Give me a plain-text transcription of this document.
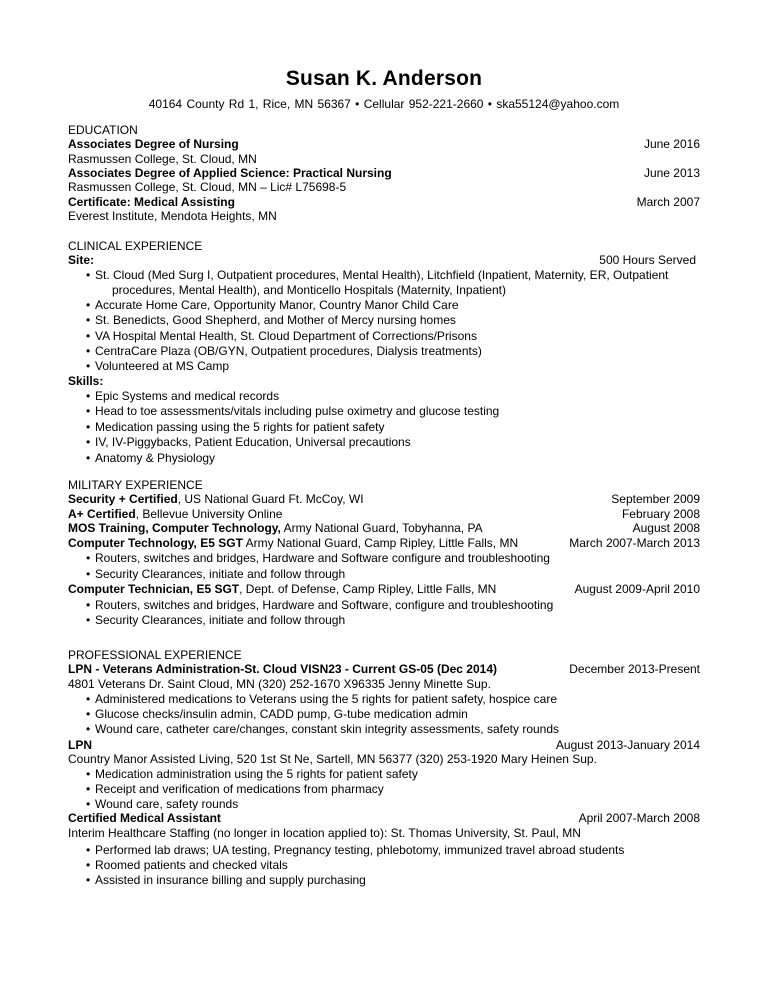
Susan K. Anderson
40164 County Rd 1, Rice, MN 56367 • Cellular 952-221-2660 • ska55124@yahoo.com
EDUCATION
Associates Degree of Nursing	June 2016
Rasmussen College, St. Cloud, MN
Associates Degree of Applied Science: Practical Nursing	June 2013
Rasmussen College, St. Cloud, MN – Lic# L75698-5
Certificate: Medical Assisting	March 2007
Everest Institute, Mendota Heights, MN
CLINICAL EXPERIENCE
Site:	500 Hours Served
• St. Cloud (Med Surg I, Outpatient procedures, Mental Health), Litchfield (Inpatient, Maternity, ER, Outpatient
procedures, Mental Health), and Monticello Hospitals (Maternity, Inpatient)
• Accurate Home Care, Opportunity Manor, Country Manor Child Care
• St. Benedicts, Good Shepherd, and Mother of Mercy nursing homes
• VA Hospital Mental Health, St. Cloud Department of Corrections/Prisons
• CentraCare Plaza (OB/GYN, Outpatient procedures, Dialysis treatments)
• Volunteered at MS Camp
Skills:
• Epic Systems and medical records
• Head to toe assessments/vitals including pulse oximetry and glucose testing
• Medication passing using the 5 rights for patient safety
• IV, IV-Piggybacks, Patient Education, Universal precautions
• Anatomy & Physiology
MILITARY EXPERIENCE
Security + Certified, US National Guard Ft. McCoy, WI	September 2009
A+ Certified, Bellevue University Online	February 2008
MOS Training, Computer Technology, Army National Guard, Tobyhanna, PA	August 2008
Computer Technology, E5 SGT Army National Guard, Camp Ripley, Little Falls, MN	March 2007-March 2013
• Routers, switches and bridges, Hardware and Software configure and troubleshooting
• Security Clearances, initiate and follow through
Computer Technician, E5 SGT, Dept. of Defense, Camp Ripley, Little Falls, MN	August 2009-April 2010
• Routers, switches and bridges, Hardware and Software, configure and troubleshooting
• Security Clearances, initiate and follow through
PROFESSIONAL EXPERIENCE
LPN - Veterans Administration-St. Cloud VISN23 - Current GS-05 (Dec 2014)	December 2013-Present
4801 Veterans Dr. Saint Cloud, MN (320) 252-1670 X96335 Jenny Minette Sup.
• Administered medications to Veterans using the 5 rights for patient safety, hospice care
• Glucose checks/insulin admin, CADD pump, G-tube medication admin
• Wound care, catheter care/changes, constant skin integrity assessments, safety rounds
LPN	August 2013-January 2014
Country Manor Assisted Living, 520 1st St Ne, Sartell, MN 56377 (320) 253-1920 Mary Heinen Sup.
• Medication administration using the 5 rights for patient safety
• Receipt and verification of medications from pharmacy
• Wound care, safety rounds
Certified Medical Assistant	April 2007-March 2008
Interim Healthcare Staffing (no longer in location applied to): St. Thomas University, St. Paul, MN
• Performed lab draws; UA testing, Pregnancy testing, phlebotomy, immunized travel abroad students
• Roomed patients and checked vitals
• Assisted in insurance billing and supply purchasing
